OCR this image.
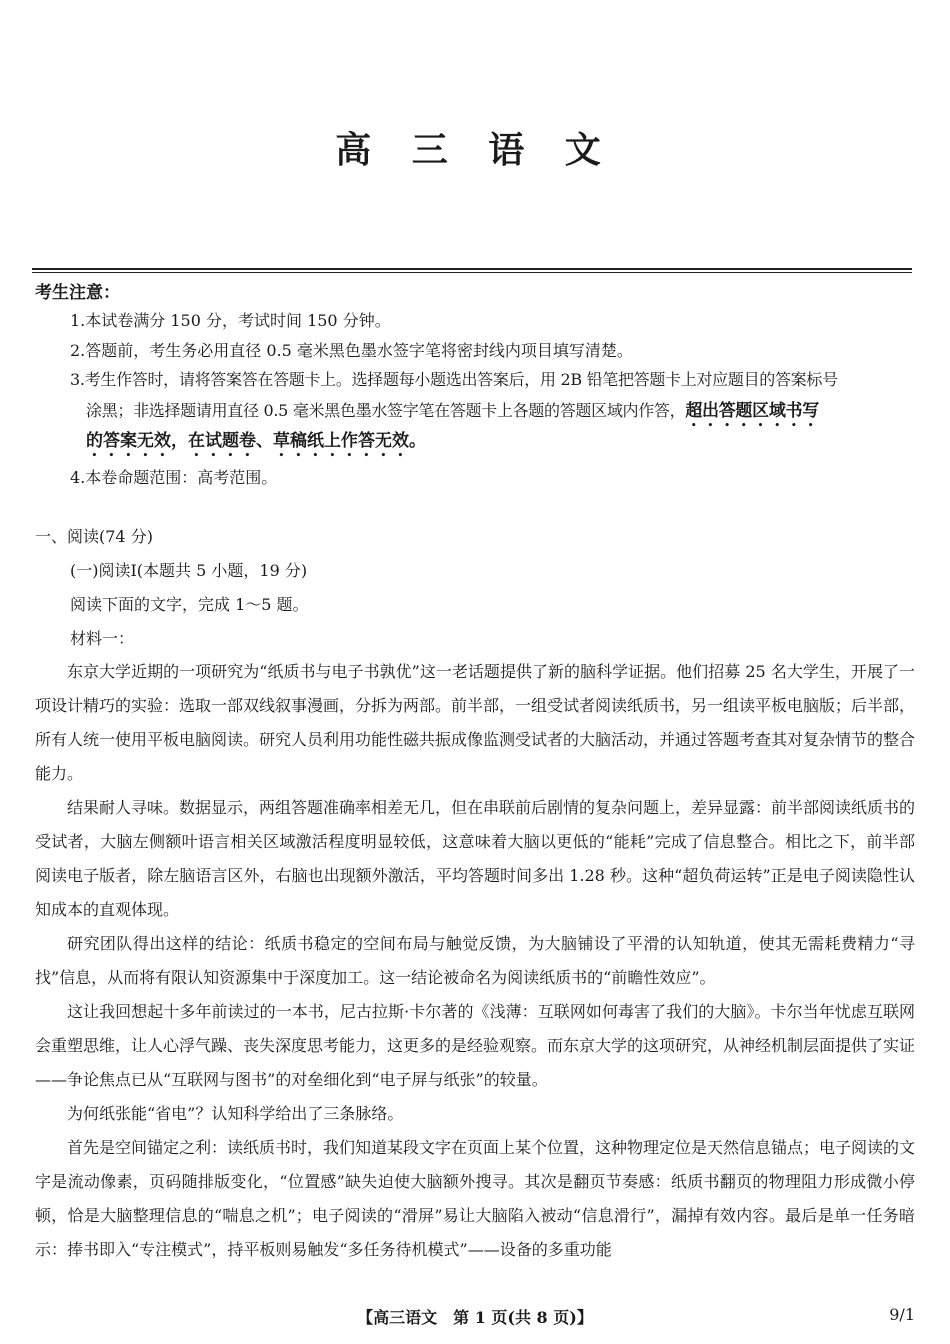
高 三 语 文
考生注意：
1.本试卷满分 150 分，考试时间 150 分钟。
2.答题前，考生务必用直径 0.5 毫米黑色墨水签字笔将密封线内项目填写清楚。
3.考生作答时，请将答案答在答题卡上。选择题每小题选出答案后，用 2B 铅笔把答题卡上对应题目的答案标号
涂黑；非选择题请用直径 0.5 毫米黑色墨水签字笔在答题卡上各题的答题区域内作答，超出答题区域书写
的答案无效，在试题卷、草稿纸上作答无效。
4.本卷命题范围：高考范围。
一、阅读(74 分)
(一)阅读Ⅰ(本题共 5 小题，19 分)
阅读下面的文字，完成 1～5 题。
材料一：
东京大学近期的一项研究为“纸质书与电子书孰优”这一老话题提供了新的脑科学证据。他们招募 25 名大学生，开展了一项设计精巧的实验：选取一部双线叙事漫画，分拆为两部。前半部，一组受试者阅读纸质书，另一组读平板电脑版；后半部，所有人统一使用平板电脑阅读。研究人员利用功能性磁共振成像监测受试者的大脑活动，并通过答题考查其对复杂情节的整合能力。
结果耐人寻味。数据显示，两组答题准确率相差无几，但在串联前后剧情的复杂问题上，差异显露：前半部阅读纸质书的受试者，大脑左侧额叶语言相关区域激活程度明显较低，这意味着大脑以更低的“能耗”完成了信息整合。相比之下，前半部阅读电子版者，除左脑语言区外，右脑也出现额外激活，平均答题时间多出 1.28 秒。这种“超负荷运转”正是电子阅读隐性认知成本的直观体现。
研究团队得出这样的结论：纸质书稳定的空间布局与触觉反馈，为大脑铺设了平滑的认知轨道，使其无需耗费精力“寻找”信息，从而将有限认知资源集中于深度加工。这一结论被命名为阅读纸质书的“前瞻性效应”。
这让我回想起十多年前读过的一本书，尼古拉斯·卡尔著的《浅薄：互联网如何毒害了我们的大脑》。卡尔当年忧虑互联网会重塑思维，让人心浮气躁、丧失深度思考能力，这更多的是经验观察。而东京大学的这项研究，从神经机制层面提供了实证——争论焦点已从“互联网与图书”的对垒细化到“电子屏与纸张”的较量。
为何纸张能“省电”？认知科学给出了三条脉络。
首先是空间锚定之利：读纸质书时，我们知道某段文字在页面上某个位置，这种物理定位是天然信息锚点；电子阅读的文字是流动像素，页码随排版变化，“位置感”缺失迫使大脑额外搜寻。其次是翻页节奏感：纸质书翻页的物理阻力形成微小停顿，恰是大脑整理信息的“喘息之机”；电子阅读的“滑屏”易让大脑陷入被动“信息滑行”，漏掉有效内容。最后是单一任务暗示：捧书即入“专注模式”，持平板则易触发“多任务待机模式”——设备的多重功能
【高三语文　第 1 页(共 8 页)】	9/1
